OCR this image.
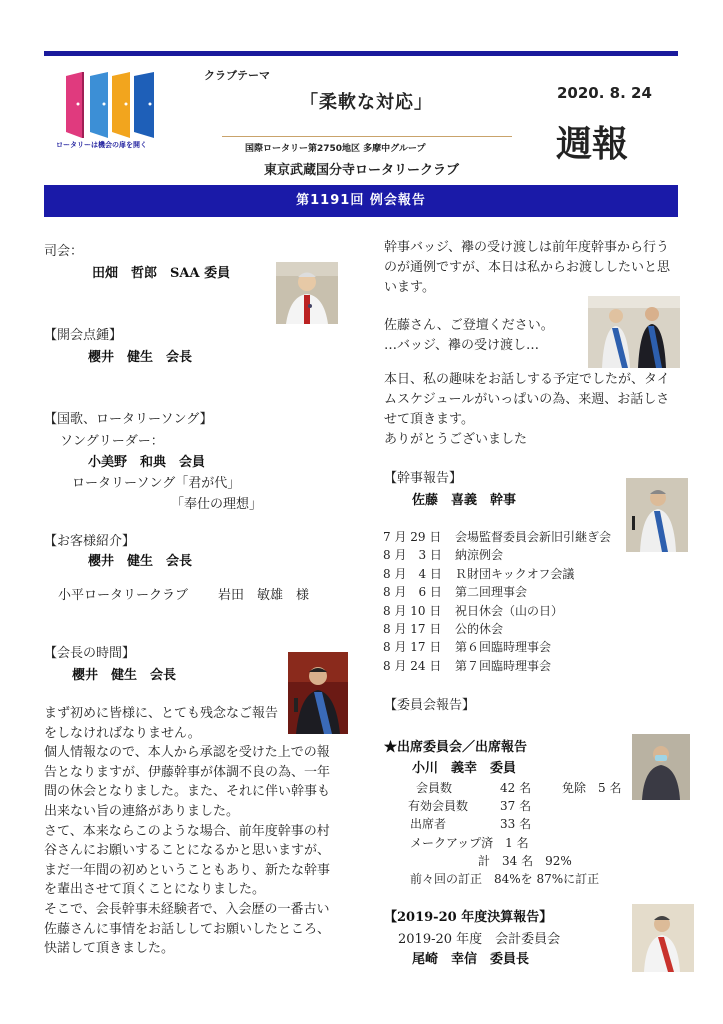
ロータリーは機会の扉を開く
クラブテーマ
「柔軟な対応」	2020. 8. 24
週報
国際ロータリー第2750地区 多摩中グループ
東京武蔵国分寺ロータリークラブ
第1191回 例会報告
司会：
田畑　哲郎　SAA 委員
【開会点鍾】
櫻井　健生　会長
【国歌、ロータリーソング】
ソングリーダー：
小美野　和典　会員
ロータリーソング「君が代」
「奉仕の理想」
【お客様紹介】
櫻井　健生　会長
小平ロータリークラブ 岩田　敏雄　様
【会長の時間】
櫻井　健生　会長
まず初めに皆様に、とても残念なご報告
をしなければなりません。
個人情報なので、本人から承認を受けた上での報
告となりますが、伊藤幹事が体調不良の為、一年
間の休会となりました。また、それに伴い幹事も
出来ない旨の連絡がありました。
さて、本来ならこのような場合、前年度幹事の村
谷さんにお願いすることになるかと思いますが、
まだ一年間の初めということもあり、新たな幹事
を輩出させて頂くことになりました。
そこで、会長幹事未経験者で、入会歴の一番古い
佐藤さんに事情をお話ししてお願いしたところ、
快諾して頂きました。
幹事バッジ、襷の受け渡しは前年度幹事から行う
のが通例ですが、本日は私からお渡ししたいと思
います。
佐藤さん、ご登壇ください。
…バッジ、襷の受け渡し…
本日、私の趣味をお話しする予定でしたが、タイ
ムスケジュールがいっぱいの為、来週、お話しさ
せて頂きます。
ありがとうございました
【幹事報告】
佐藤　喜義　幹事
7 月 29 日 会場監督委員会新旧引継ぎ会
8 月　3 日 納涼例会
8 月　4 日 Ｒ財団キックオフ会議
8 月　6 日 第二回理事会
8 月 10 日 祝日休会（山の日）
8 月 17 日 公的休会
8 月 17 日 第６回臨時理事会
8 月 24 日 第７回臨時理事会
【委員会報告】
★出席委員会／出席報告
小川　義幸　委員
会員数	42 名	免除 5 名
有効会員数	37 名
出席者	33 名
メークアップ済　1 名
計　34 名　92%
前々回の訂正　84%を 87%に訂正
【2019-20 年度決算報告】
2019-20 年度　会計委員会
尾崎　幸信　委員長
